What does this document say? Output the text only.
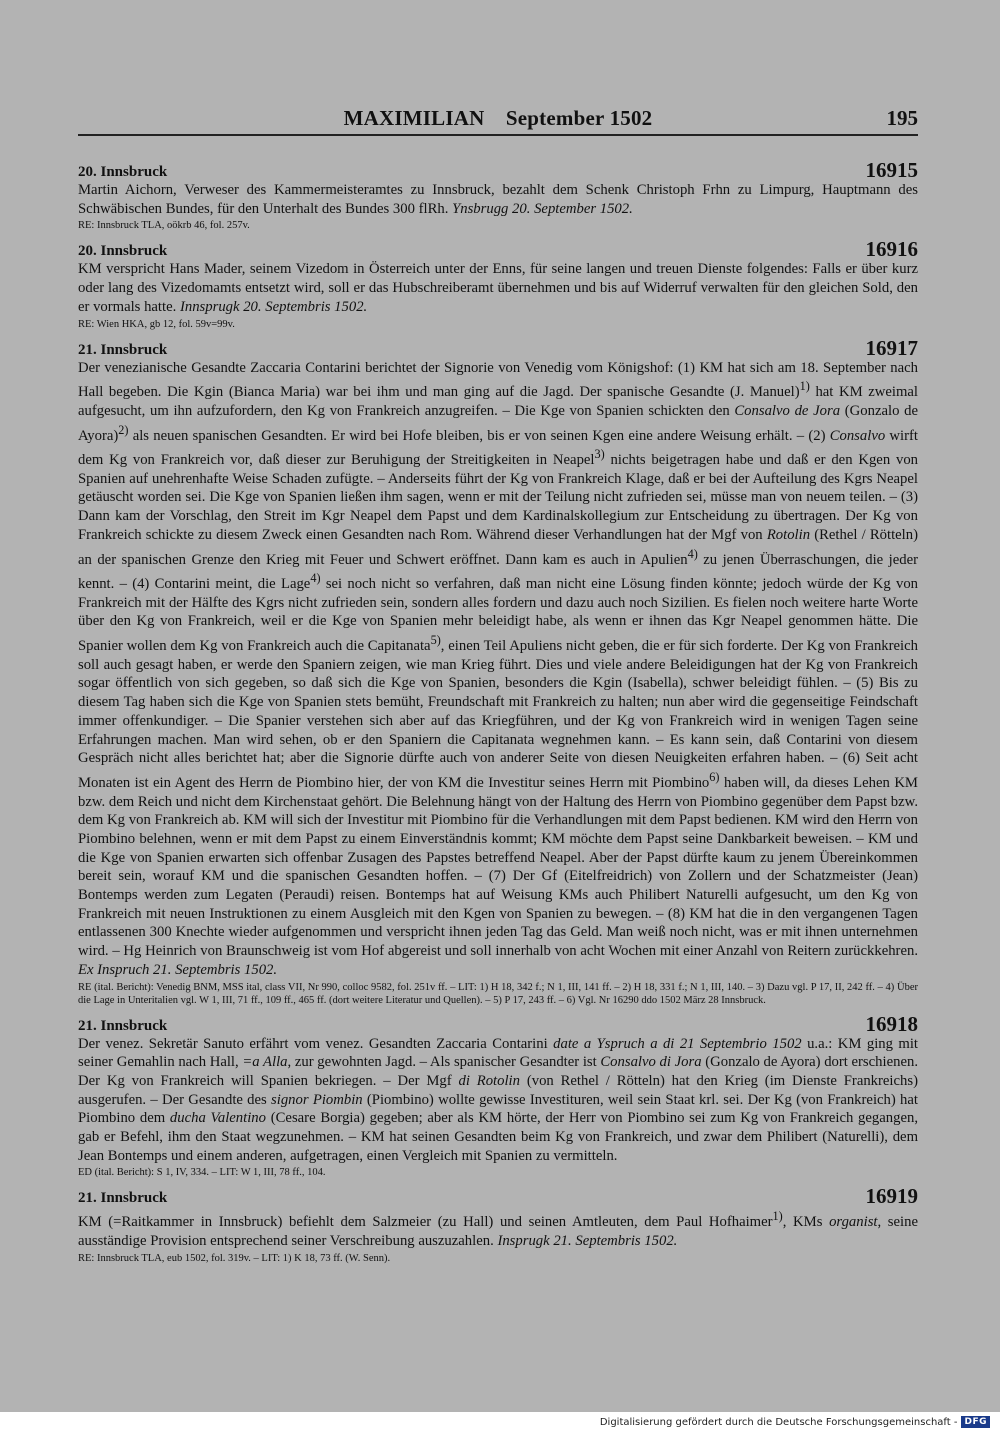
MAXIMILIAN September 1502	195
20. Innsbruck	16915

Martin Aichorn, Verweser des Kammermeisteramtes zu Innsbruck, bezahlt dem Schenk Christoph Frhn zu Limpurg, Hauptmann des Schwäbischen Bundes, für den Unterhalt des Bundes 300 flRh. Ynsbrugg 20. September 1502.

RE: Innsbruck TLA, oökrb 46, fol. 257v.

20. Innsbruck	16916

KM verspricht Hans Mader, seinem Vizedom in Österreich unter der Enns, für seine langen und treuen Dienste folgendes: Falls er über kurz oder lang des Vizedomamts entsetzt wird, soll er das Hubschreiberamt übernehmen und bis auf Widerruf verwalten für den gleichen Sold, den er vormals hatte. Innsprugk 20. Septembris 1502.

RE: Wien HKA, gb 12, fol. 59v=99v.

21. Innsbruck	16917

Der venezianische Gesandte Zaccaria Contarini berichtet der Signorie von Venedig vom Königshof: (1) KM hat sich am 18. September nach Hall begeben. Die Kgin (Bianca Maria) war bei ihm und man ging auf die Jagd. Der spanische Gesandte (J. Manuel)$^{1)}$ hat KM zweimal aufgesucht, um ihn aufzufordern, den Kg von Frankreich anzugreifen. – Die Kge von Spanien schickten den Consalvo de Jora (Gonzalo de Ayora)$^{2)}$ als neuen spanischen Gesandten. Er wird bei Hofe bleiben, bis er von seinen Kgen eine andere Weisung erhält. – (2) Consalvo wirft dem Kg von Frankreich vor, daß dieser zur Beruhigung der Streitigkeiten in Neapel$^{3)}$ nichts beigetragen habe und daß er den Kgen von Spanien auf unehrenhafte Weise Schaden zufügte. – Anderseits führt der Kg von Frankreich Klage, daß er bei der Aufteilung des Kgrs Neapel getäuscht worden sei. Die Kge von Spanien ließen ihm sagen, wenn er mit der Teilung nicht zufrieden sei, müsse man von neuem teilen. – (3) Dann kam der Vorschlag, den Streit im Kgr Neapel dem Papst und dem Kardinalskollegium zur Entscheidung zu übertragen. Der Kg von Frankreich schickte zu diesem Zweck einen Gesandten nach Rom. Während dieser Verhandlungen hat der Mgf von Rotolin (Rethel / Rötteln) an der spanischen Grenze den Krieg mit Feuer und Schwert eröffnet. Dann kam es auch in Apulien$^{4)}$ zu jenen Überraschungen, die jeder kennt. – (4) Contarini meint, die Lage$^{4)}$ sei noch nicht so verfahren, daß man nicht eine Lösung finden könnte; jedoch würde der Kg von Frankreich mit der Hälfte des Kgrs nicht zufrieden sein, sondern alles fordern und dazu auch noch Sizilien. Es fielen noch weitere harte Worte über den Kg von Frankreich, weil er die Kge von Spanien mehr beleidigt habe, als wenn er ihnen das Kgr Neapel genommen hätte. Die Spanier wollen dem Kg von Frankreich auch die Capitanata$^{5)}$, einen Teil Apuliens nicht geben, die er für sich forderte. Der Kg von Frankreich soll auch gesagt haben, er werde den Spaniern zeigen, wie man Krieg führt. Dies und viele andere Beleidigungen hat der Kg von Frankreich sogar öffentlich von sich gegeben, so daß sich die Kge von Spanien, besonders die Kgin (Isabella), schwer beleidigt fühlen. – (5) Bis zu diesem Tag haben sich die Kge von Spanien stets bemüht, Freundschaft mit Frankreich zu halten; nun aber wird die gegenseitige Feindschaft immer offenkundiger. – Die Spanier verstehen sich aber auf das Kriegführen, und der Kg von Frankreich wird in wenigen Tagen seine Erfahrungen machen. Man wird sehen, ob er den Spaniern die Capitanata wegnehmen kann. – Es kann sein, daß Contarini von diesem Gespräch nicht alles berichtet hat; aber die Signorie dürfte auch von anderer Seite von diesen Neuigkeiten erfahren haben. – (6) Seit acht Monaten ist ein Agent des Herrn de Piombino hier, der von KM die Investitur seines Herrn mit Piombino$^{6)}$ haben will, da dieses Lehen KM bzw. dem Reich und nicht dem Kirchenstaat gehört. Die Belehnung hängt von der Haltung des Herrn von Piombino gegenüber dem Papst bzw. dem Kg von Frankreich ab. KM will sich der Investitur mit Piombino für die Verhandlungen mit dem Papst bedienen. KM wird den Herrn von Piombino belehnen, wenn er mit dem Papst zu einem Einverständnis kommt; KM möchte dem Papst seine Dankbarkeit beweisen. – KM und die Kge von Spanien erwarten sich offenbar Zusagen des Papstes betreffend Neapel. Aber der Papst dürfte kaum zu jenem Übereinkommen bereit sein, worauf KM und die spanischen Gesandten hoffen. – (7) Der Gf (Eitelfreidrich) von Zollern und der Schatzmeister (Jean) Bontemps werden zum Legaten (Peraudi) reisen. Bontemps hat auf Weisung KMs auch Philibert Naturelli aufgesucht, um den Kg von Frankreich mit neuen Instruktionen zu einem Ausgleich mit den Kgen von Spanien zu bewegen. – (8) KM hat die in den vergangenen Tagen entlassenen 300 Knechte wieder aufgenommen und verspricht ihnen jeden Tag das Geld. Man weiß noch nicht, was er mit ihnen unternehmen wird. – Hg Heinrich von Braunschweig ist vom Hof abgereist und soll innerhalb von acht Wochen mit einer Anzahl von Reitern zurückkehren. Ex Inspruch 21. Septembris 1502.

RE (ital. Bericht): Venedig BNM, MSS ital, class VII, Nr 990, colloc 9582, fol. 251v ff. – LIT: 1) H 18, 342 f.; N 1, III, 141 ff. – 2) H 18, 331 f.; N 1, III, 140. – 3) Dazu vgl. P 17, II, 242 ff. – 4) Über die Lage in Unteritalien vgl. W 1, III, 71 ff., 109 ff., 465 ff. (dort weitere Literatur und Quellen). – 5) P 17, 243 ff. – 6) Vgl. Nr 16290 ddo 1502 März 28 Innsbruck.

21. Innsbruck	16918

Der venez. Sekretär Sanuto erfährt vom venez. Gesandten Zaccaria Contarini date a Yspruch a di 21 Septembrio 1502 u.a.: KM ging mit seiner Gemahlin nach Hall, =a Alla, zur gewohnten Jagd. – Als spanischer Gesandter ist Consalvo di Jora (Gonzalo de Ayora) dort erschienen. Der Kg von Frankreich will Spanien bekriegen. – Der Mgf di Rotolin (von Rethel / Rötteln) hat den Krieg (im Dienste Frankreichs) ausgerufen. – Der Gesandte des signor Piombin (Piombino) wollte gewisse Investituren, weil sein Staat krl. sei. Der Kg (von Frankreich) hat Piombino dem ducha Valentino (Cesare Borgia) gegeben; aber als KM hörte, der Herr von Piombino sei zum Kg von Frankreich gegangen, gab er Befehl, ihm den Staat wegzunehmen. – KM hat seinen Gesandten beim Kg von Frankreich, und zwar dem Philibert (Naturelli), dem Jean Bontemps und einem anderen, aufgetragen, einen Vergleich mit Spanien zu vermitteln.

ED (ital. Bericht): S 1, IV, 334. – LIT: W 1, III, 78 ff., 104.

21. Innsbruck	16919

KM (=Raitkammer in Innsbruck) befiehlt dem Salzmeier (zu Hall) und seinen Amtleuten, dem Paul Hofhaimer$^{1)}$, KMs organist, seine ausständige Provision entsprechend seiner Verschreibung auszuzahlen. Insprugk 21. Septembris 1502.

RE: Innsbruck TLA, eub 1502, fol. 319v. – LIT: 1) K 18, 73 ff. (W. Senn).

Digitalisierung gefördert durch die Deutsche Forschungsgemeinschaft - DFG
